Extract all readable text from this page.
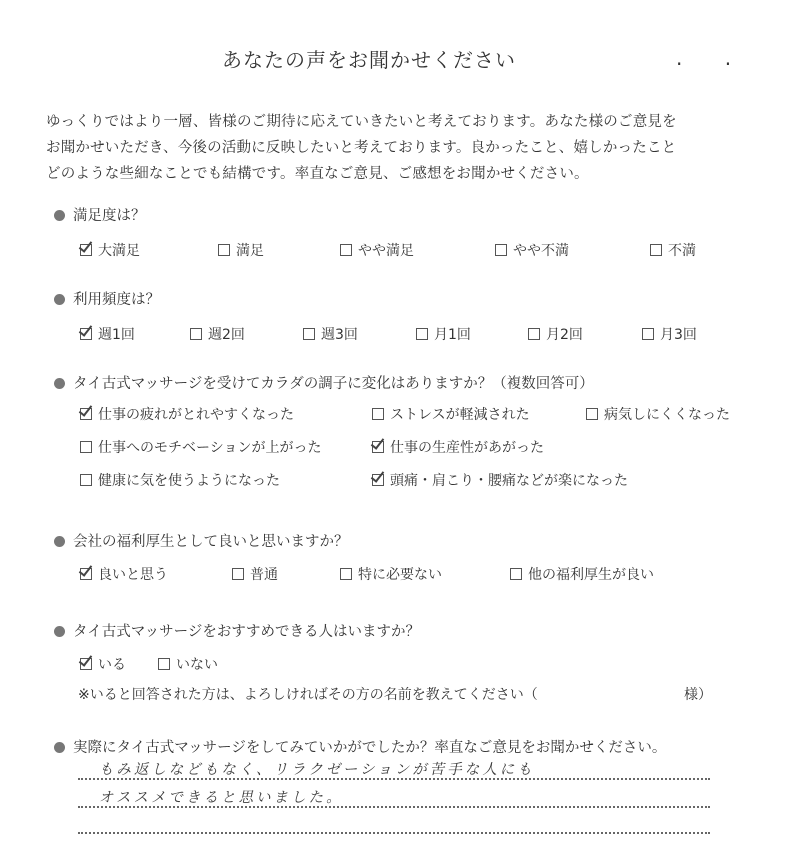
あなたの声をお聞かせください	. .
ゆっくりではより一層、皆様のご期待に応えていきたいと考えております。あなた様のご意見を
お聞かせいただき、今後の活動に反映したいと考えております。良かったこと、嬉しかったこと
どのような些細なことでも結構です。率直なご意見、ご感想をお聞かせください。
満足度は？
大満足	満足	やや満足	やや不満	不満
利用頻度は？
週1回	週2回	週3回	月1回	月2回	月3回
タイ古式マッサージを受けてカラダの調子に変化はありますか？（複数回答可）
仕事の疲れがとれやすくなった	ストレスが軽減された	病気しにくくなった
仕事へのモチベーションが上がった	仕事の生産性があがった
健康に気を使うようになった	頭痛・肩こり・腰痛などが楽になった
会社の福利厚生として良いと思いますか？
良いと思う	普通	特に必要ない	他の福利厚生が良い
タイ古式マッサージをおすすめできる人はいますか？
いる	いない
※いると回答された方は、よろしければその方の名前を教えてください（	様）
実際にタイ古式マッサージをしてみていかがでしたか？率直なご意見をお聞かせください。
もみ返しなどもなく、リラクゼーションが苦手な人にも
オススメできると思いました。
